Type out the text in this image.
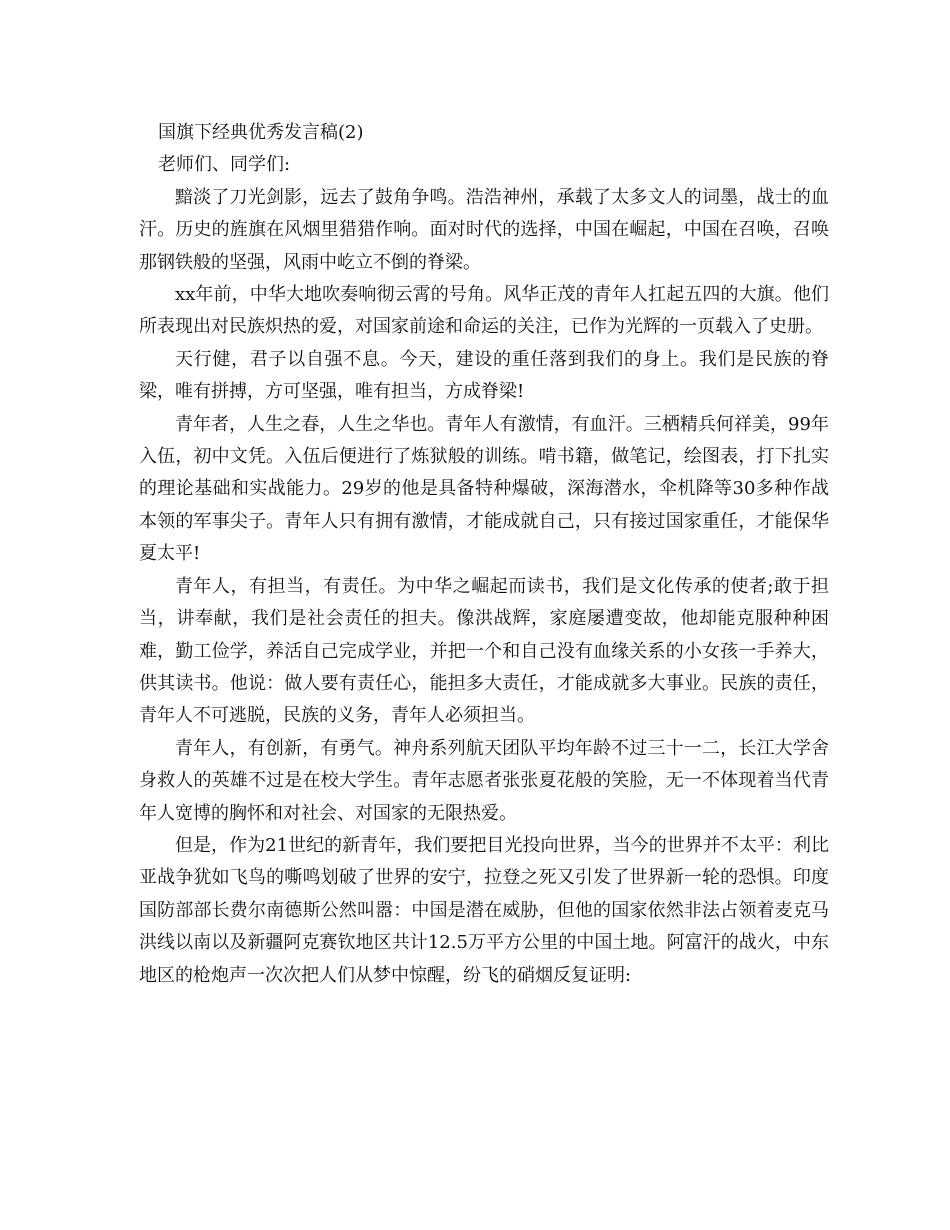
国旗下经典优秀发言稿(2)
老师们、同学们:

黯淡了刀光剑影，远去了鼓角争鸣。浩浩神州，承载了太多文人的词墨，战士的血汗。历史的旌旗在风烟里猎猎作响。面对时代的选择，中国在崛起，中国在召唤，召唤那钢铁般的坚强，风雨中屹立不倒的脊梁。

xx年前，中华大地吹奏响彻云霄的号角。风华正茂的青年人扛起五四的大旗。他们所表现出对民族炽热的爱，对国家前途和命运的关注，已作为光辉的一页载入了史册。

天行健，君子以自强不息。今天，建设的重任落到我们的身上。我们是民族的脊梁，唯有拼搏，方可坚强，唯有担当，方成脊梁!

青年者，人生之春，人生之华也。青年人有激情，有血汗。三栖精兵何祥美，99年入伍，初中文凭。入伍后便进行了炼狱般的训练。啃书籍，做笔记，绘图表，打下扎实的理论基础和实战能力。29岁的他是具备特种爆破，深海潜水，伞机降等30多种作战本领的军事尖子。青年人只有拥有激情，才能成就自己，只有接过国家重任，才能保华夏太平!

青年人，有担当，有责任。为中华之崛起而读书，我们是文化传承的使者;敢于担当，讲奉献，我们是社会责任的担夫。像洪战辉，家庭屡遭变故，他却能克服种种困难，勤工俭学，养活自己完成学业，并把一个和自己没有血缘关系的小女孩一手养大，供其读书。他说：做人要有责任心，能担多大责任，才能成就多大事业。民族的责任，青年人不可逃脱，民族的义务，青年人必须担当。

青年人，有创新，有勇气。神舟系列航天团队平均年龄不过三十一二，长江大学舍身救人的英雄不过是在校大学生。青年志愿者张张夏花般的笑脸，无一不体现着当代青年人宽博的胸怀和对社会、对国家的无限热爱。

但是，作为21世纪的新青年，我们要把目光投向世界，当今的世界并不太平：利比亚战争犹如飞鸟的嘶鸣划破了世界的安宁，拉登之死又引发了世界新一轮的恐惧。印度国防部部长费尔南德斯公然叫嚣：中国是潜在威胁，但他的国家依然非法占领着麦克马洪线以南以及新疆阿克赛钦地区共计12.5万平方公里的中国土地。阿富汗的战火，中东地区的枪炮声一次次把人们从梦中惊醒，纷飞的硝烟反复证明:
